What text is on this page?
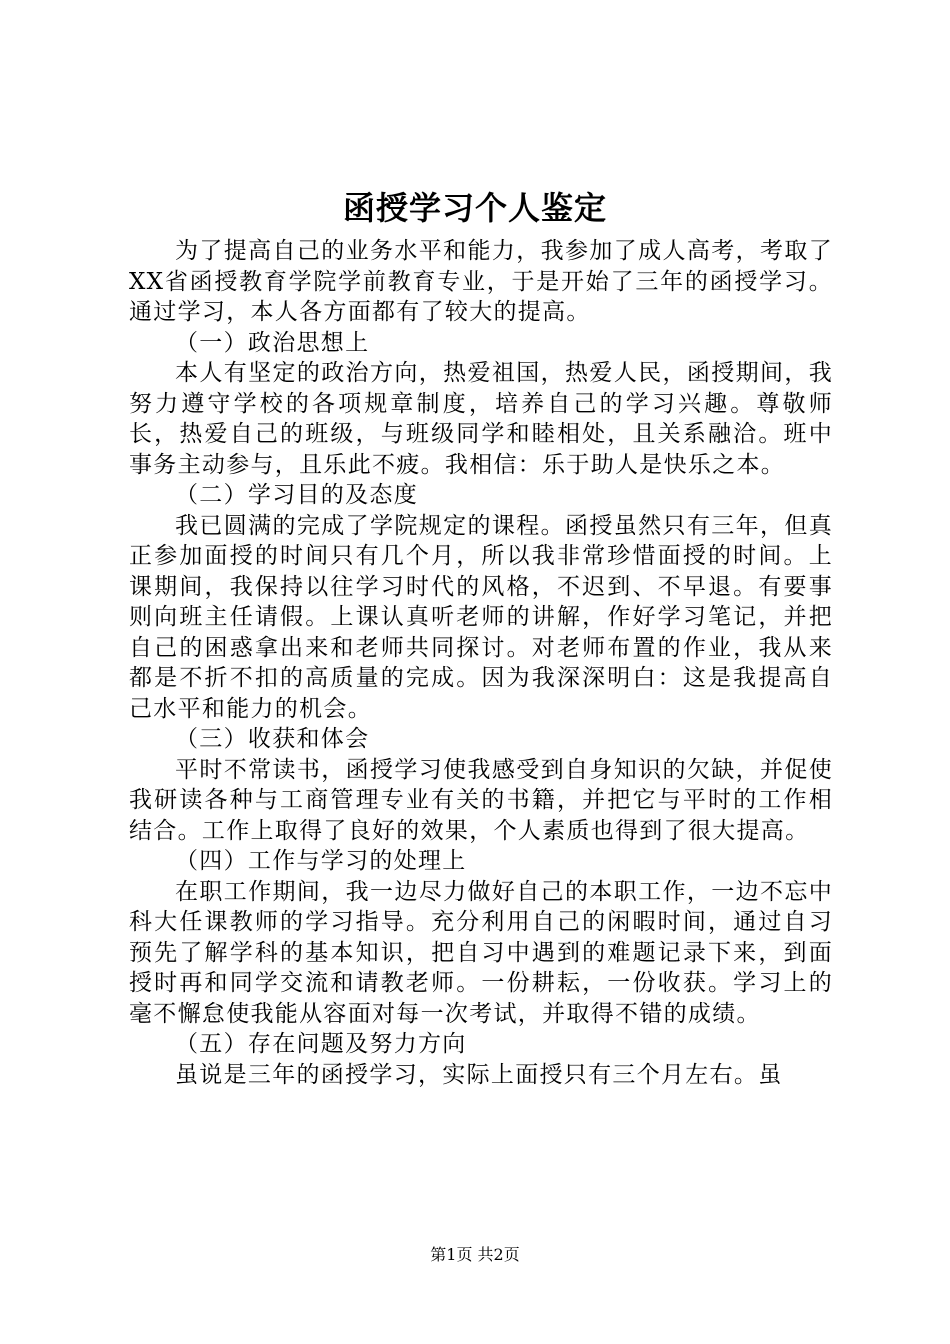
函授学习个人鉴定

为了提高自己的业务水平和能力，我参加了成人高考，考取了XX省函授教育学院学前教育专业，于是开始了三年的函授学习。通过学习，本人各方面都有了较大的提高。

（一）政治思想上

本人有坚定的政治方向，热爱祖国，热爱人民，函授期间，我努力遵守学校的各项规章制度，培养自己的学习兴趣。尊敬师长，热爱自己的班级，与班级同学和睦相处，且关系融洽。班中事务主动参与，且乐此不疲。我相信：乐于助人是快乐之本。

（二）学习目的及态度

我已圆满的完成了学院规定的课程。函授虽然只有三年，但真正参加面授的时间只有几个月，所以我非常珍惜面授的时间。上课期间，我保持以往学习时代的风格，不迟到、不早退。有要事则向班主任请假。上课认真听老师的讲解，作好学习笔记，并把自己的困惑拿出来和老师共同探讨。对老师布置的作业，我从来都是不折不扣的高质量的完成。因为我深深明白：这是我提高自己水平和能力的机会。

（三）收获和体会

平时不常读书，函授学习使我感受到自身知识的欠缺，并促使我研读各种与工商管理专业有关的书籍，并把它与平时的工作相结合。工作上取得了良好的效果，个人素质也得到了很大提高。

（四）工作与学习的处理上

在职工作期间，我一边尽力做好自己的本职工作，一边不忘中科大任课教师的学习指导。充分利用自己的闲暇时间，通过自习预先了解学科的基本知识，把自习中遇到的难题记录下来，到面授时再和同学交流和请教老师。一份耕耘，一份收获。学习上的毫不懈怠使我能从容面对每一次考试，并取得不错的成绩。

（五）存在问题及努力方向

虽说是三年的函授学习，实际上面授只有三个月左右。虽

第1页 共2页
